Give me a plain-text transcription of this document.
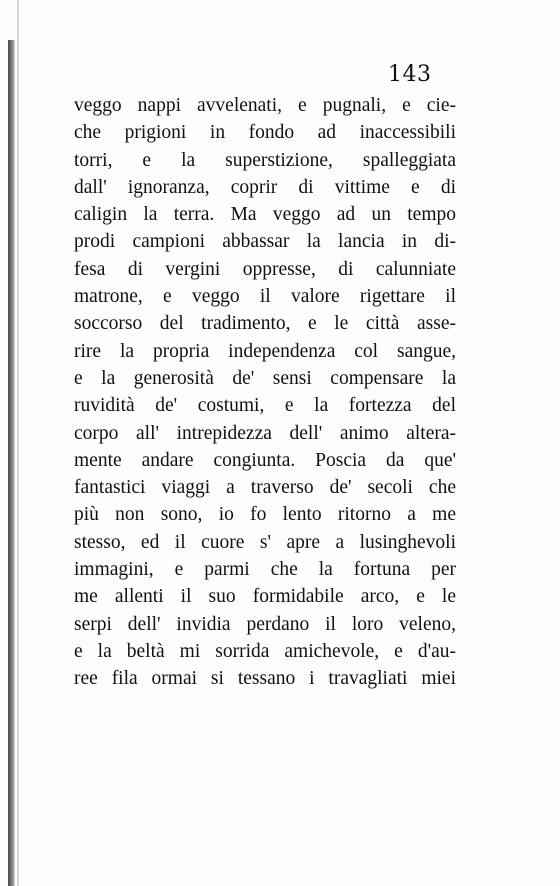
143
veggo nappi avvelenati, e pugnali, e cie-
che prigioni in fondo ad inaccessibili
torri, e la superstizione, spalleggiata
dall' ignoranza, coprir di vittime e di
caligin la terra. Ma veggo ad un tempo
prodi campioni abbassar la lancia in di-
fesa di vergini oppresse, di calunniate
matrone, e veggo il valore rigettare il
soccorso del tradimento, e le città asse-
rire la propria independenza col sangue,
e la generosità de' sensi compensare la
ruvidità de' costumi, e la fortezza del
corpo all' intrepidezza dell' animo altera-
mente andare congiunta. Poscia da que'
fantastici viaggi a traverso de' secoli che
più non sono, io fo lento ritorno a me
stesso, ed il cuore s' apre a lusinghevoli
immagini, e parmi che la fortuna per
me allenti il suo formidabile arco, e le
serpi dell' invidia perdano il loro veleno,
e la beltà mi sorrida amichevole, e d'au-
ree fila ormai si tessano i travagliati miei
